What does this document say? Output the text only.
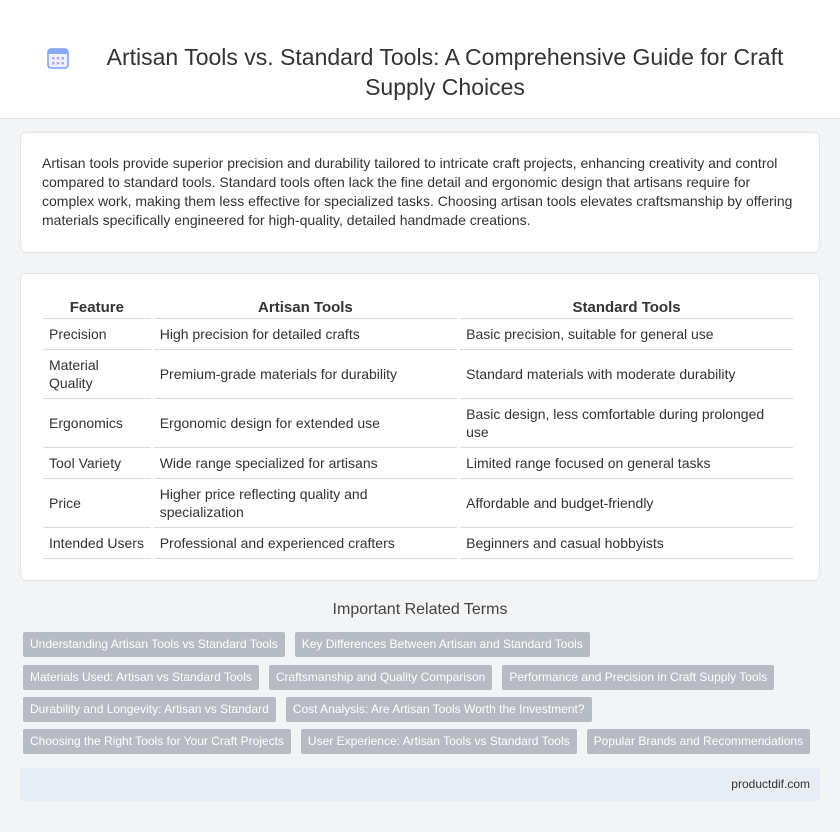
Artisan Tools vs. Standard Tools: A Comprehensive Guide for Craft Supply Choices

Artisan tools provide superior precision and durability tailored to intricate craft projects, enhancing creativity and control compared to standard tools. Standard tools often lack the fine detail and ergonomic design that artisans require for complex work, making them less effective for specialized tasks. Choosing artisan tools elevates craftsmanship by offering materials specifically engineered for high-quality, detailed handmade creations.

Feature	Artisan Tools	Standard Tools
Precision	High precision for detailed crafts	Basic precision, suitable for general use
Material Quality	Premium-grade materials for durability	Standard materials with moderate durability
Ergonomics	Ergonomic design for extended use	Basic design, less comfortable during prolonged use
Tool Variety	Wide range specialized for artisans	Limited range focused on general tasks
Price	Higher price reflecting quality and specialization	Affordable and budget-friendly
Intended Users	Professional and experienced crafters	Beginners and casual hobbyists
Important Related Terms
Understanding Artisan Tools vs Standard Tools	Key Differences Between Artisan and Standard Tools
Materials Used: Artisan vs Standard Tools	Craftsmanship and Quality Comparison	Performance and Precision in Craft Supply Tools
Durability and Longevity: Artisan vs Standard	Cost Analysis: Are Artisan Tools Worth the Investment?
Choosing the Right Tools for Your Craft Projects	User Experience: Artisan Tools vs Standard Tools	Popular Brands and Recommendations
productdif.com
